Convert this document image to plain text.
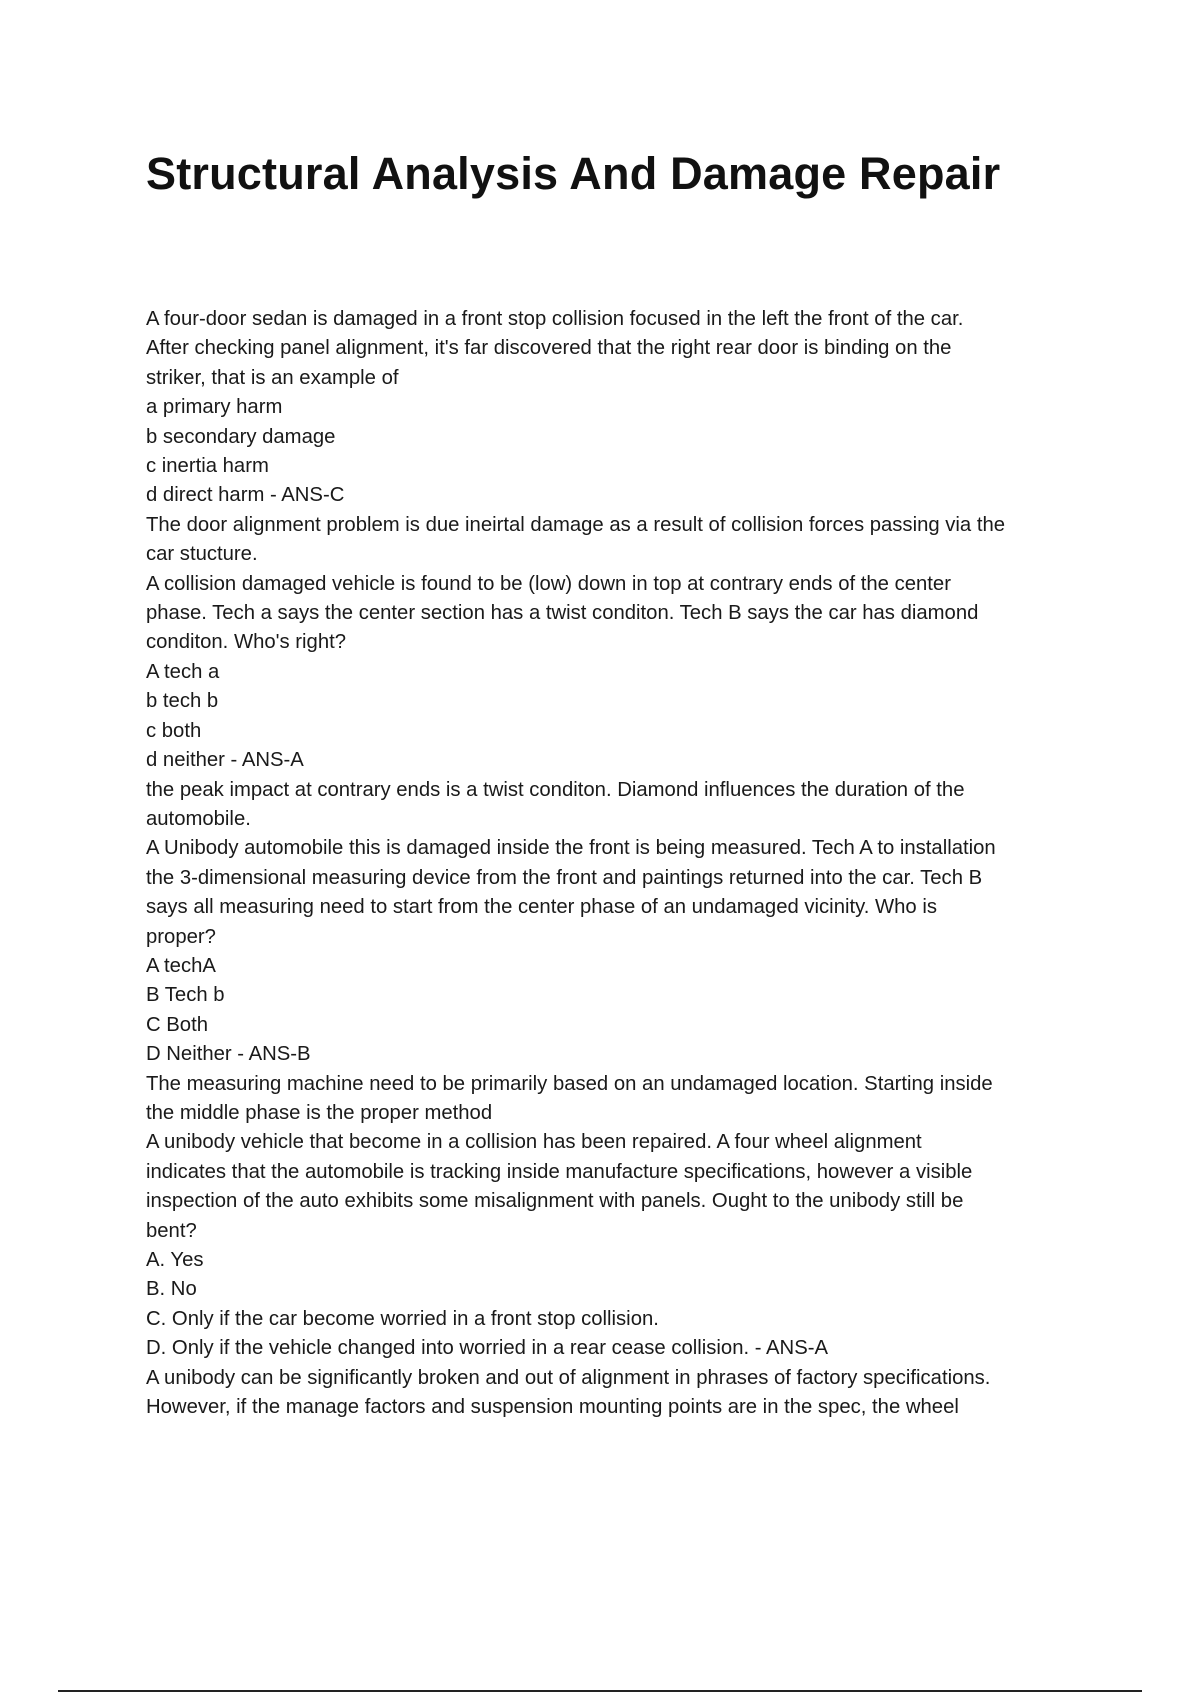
Structural Analysis And Damage Repair
A four-door sedan is damaged in a front stop collision focused in the left the front of the car.
After checking panel alignment, it's far discovered that the right rear door is binding on the
striker, that is an example of
a primary harm
b secondary damage
c inertia harm
d direct harm - ANS-C
The door alignment problem is due ineirtal damage as a result of collision forces passing via the
car stucture.
A collision damaged vehicle is found to be (low) down in top at contrary ends of the center
phase. Tech a says the center section has a twist conditon. Tech B says the car has diamond
conditon. Who's right?
A tech a
b tech b
c both
d neither - ANS-A
the peak impact at contrary ends is a twist conditon. Diamond influences the duration of the
automobile.
A Unibody automobile this is damaged inside the front is being measured. Tech A to installation
the 3-dimensional measuring device from the front and paintings returned into the car. Tech B
says all measuring need to start from the center phase of an undamaged vicinity. Who is
proper?
A techA
B Tech b
C Both
D Neither - ANS-B
The measuring machine need to be primarily based on an undamaged location. Starting inside
the middle phase is the proper method
A unibody vehicle that become in a collision has been repaired. A four wheel alignment
indicates that the automobile is tracking inside manufacture specifications, however a visible
inspection of the auto exhibits some misalignment with panels. Ought to the unibody still be
bent?
A. Yes
B. No
C. Only if the car become worried in a front stop collision.
D. Only if the vehicle changed into worried in a rear cease collision. - ANS-A
A unibody can be significantly broken and out of alignment in phrases of factory specifications.
However, if the manage factors and suspension mounting points are in the spec, the wheel
